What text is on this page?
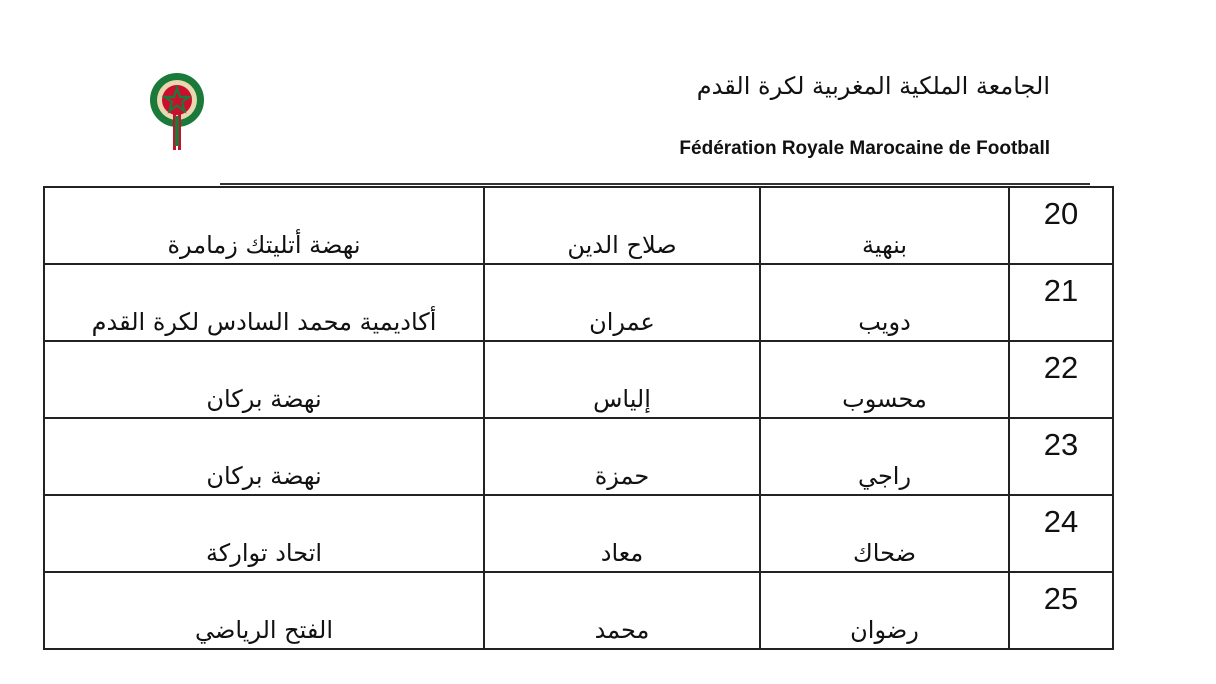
الجامعة الملكية المغربية لكرة القدم
Fédération Royale Marocaine de Football
نهضة أتليتك زمامرة	صلاح الدين	بنهية	20
أكاديمية محمد السادس لكرة القدم	عمران	دويب	21
نهضة بركان	إلياس	محسوب	22
نهضة بركان	حمزة	راجي	23
اتحاد تواركة	معاد	ضحاك	24
الفتح الرياضي	محمد	رضوان	25
